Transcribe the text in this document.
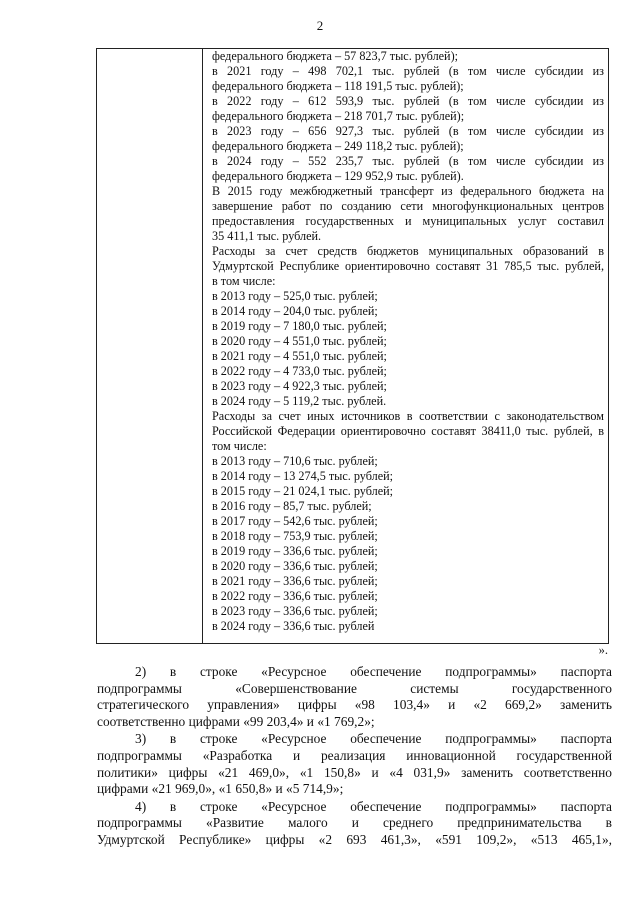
2

федерального бюджета – 57 823,7 тыс. рублей);
в 2021 году – 498 702,1 тыс. рублей (в том числе субсидии из
федерального бюджета – 118 191,5 тыс. рублей);
в 2022 году – 612 593,9 тыс. рублей (в том числе субсидии из
федерального бюджета – 218 701,7 тыс. рублей);
в 2023 году – 656 927,3 тыс. рублей (в том числе субсидии из
федерального бюджета – 249 118,2 тыс. рублей);
в 2024 году – 552 235,7 тыс. рублей (в том числе субсидии из
федерального бюджета – 129 952,9 тыс. рублей).
В 2015 году межбюджетный трансферт из федерального бюджета на
завершение работ по созданию сети многофункциональных центров
предоставления государственных и муниципальных услуг составил
35 411,1 тыс. рублей.
Расходы за счет средств бюджетов муниципальных образований в
Удмуртской Республике ориентировочно составят 31 785,5 тыс. рублей,
в том числе:
в 2013 году – 525,0 тыс. рублей;
в 2014 году – 204,0 тыс. рублей;
в 2019 году – 7 180,0 тыс. рублей;
в 2020 году – 4 551,0 тыс. рублей;
в 2021 году – 4 551,0 тыс. рублей;
в 2022 году – 4 733,0 тыс. рублей;
в 2023 году – 4 922,3 тыс. рублей;
в 2024 году – 5 119,2 тыс. рублей.
Расходы за счет иных источников в соответствии с законодательством
Российской Федерации ориентировочно составят 38411,0 тыс. рублей, в
том числе:
в 2013 году – 710,6 тыс. рублей;
в 2014 году – 13 274,5 тыс. рублей;
в 2015 году – 21 024,1 тыс. рублей;
в 2016 году – 85,7 тыс. рублей;
в 2017 году – 542,6 тыс. рублей;
в 2018 году – 753,9 тыс. рублей;
в 2019 году – 336,6 тыс. рублей;
в 2020 году – 336,6 тыс. рублей;
в 2021 году – 336,6 тыс. рублей;
в 2022 году – 336,6 тыс. рублей;
в 2023 году – 336,6 тыс. рублей;
в 2024 году – 336,6 тыс. рублей
».
2) в строке «Ресурсное обеспечение подпрограммы» паспорта
подпрограммы «Совершенствование системы государственного
стратегического управления» цифры «98 103,4» и «2 669,2» заменить
соответственно цифрами «99 203,4» и «1 769,2»;
3) в строке «Ресурсное обеспечение подпрограммы» паспорта
подпрограммы «Разработка и реализация инновационной государственной
политики» цифры «21 469,0», «1 150,8» и «4 031,9» заменить соответственно
цифрами «21 969,0», «1 650,8» и «5 714,9»;
4) в строке «Ресурсное обеспечение подпрограммы» паспорта
подпрограммы «Развитие малого и среднего предпринимательства в
Удмуртской Республике» цифры «2 693 461,3», «591 109,2», «513 465,1»,
